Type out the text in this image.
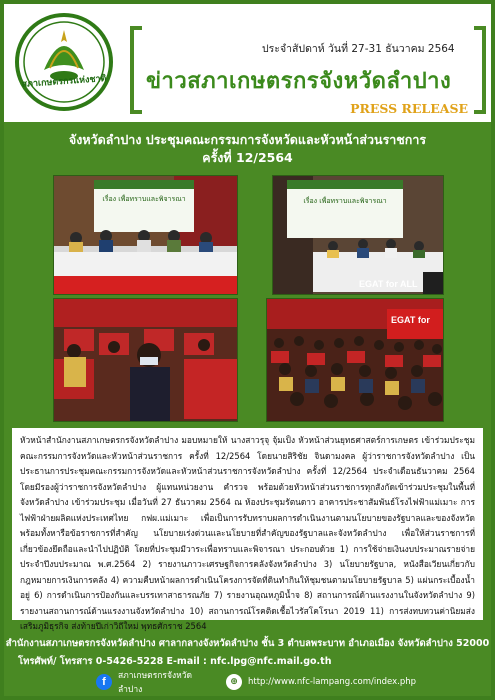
สภาเกษตรกรแห่งชาติ
ประจำสัปดาห์ วันที่ 27-31 ธันวาคม 2564
ข่าวสภาเกษตรกรจังหวัดลำปาง
PRESS RELEASE
จังหวัดลำปาง ประชุมคณะกรรมการจังหวัดและหัวหน้าส่วนราชการ
ครั้งที่ 12/2564
เรื่อง เพื่อทราบและพิจารณา	เรื่อง เพื่อทราบและพิจารณา
EGAT for ALL
EGAT for

หัวหน้าสำนักงานสภาเกษตรกรจังหวัดลำปาง มอบหมายให้ นางสาวรุจุ จุ้มเป็ง หัวหน้าส่วนยุทธศาสตร์การเกษตร เข้าร่วมประชุมคณะกรรมการจังหวัดและหัวหน้าส่วนราชการ ครั้งที่ 12/2564 โดยนายสิริชัย จินดามงคล ผู้ว่าราชการจังหวัดลำปาง เป็นประธานการประชุมคณะกรรมการจังหวัดและหัวหน้าส่วนราชการจังหวัดลำปาง ครั้งที่ 12/2564 ประจำเดือนธันวาคม 2564 โดยมีรองผู้ว่าราชการจังหวัดลำปาง ผู้แทนหน่วยงาน คำรวจ พร้อมด้วยหัวหน้าส่วนราชการทุกสังกัดเข้าร่วมประชุมในพื้นที่จังหวัดลำปาง เข้าร่วมประชุม เมื่อวันที่ 27 ธันวาคม 2564 ณ ห้องประชุมรัตนดาว อาคารประชาสัมพันธ์โรงไฟฟ้าแม่เมาะ การไฟฟ้าฝ่ายผลิตแห่งประเทศไทย กฟผ.แม่เมาะ เพื่อเป็นการรับทราบผลการดำเนินงานตามนโยบายของรัฐบาลและของจังหวัด พร้อมทั้งหารือข้อราชการที่สำคัญ นโยบายเร่งด่วนและนโยบายที่สำคัญของรัฐบาลและจังหวัดลำปาง เพื่อให้ส่วนราชการที่เกี่ยวข้องยึดถือและนำไปปฏิบัติ โดยที่ประชุมมีวาระเพื่อทราบและพิจารณา ประกอบด้วย 1) การใช้จ่ายเงินงบประมาณรายจ่ายประจำปีงบประมาณ พ.ศ.2564 2) รายงานภาวะเศรษฐกิจการคลังจังหวัดลำปาง 3) นโยบายรัฐบาล, หนังสือเวียนเกี่ยวกับกฎหมายการเงินการคลัง 4) ความคืบหน้าผลการดำเนินโครงการจัดที่ดินทำกินให้ชุมชนตามนโยบายรัฐบาล 5) แผ่นกระเบื้องน้ำอยู่ 6) การดำเนินการป้องกันและบรรเทาสาธารณภัย 7) รายงานอุณหภูมิน้ำจ 8) สถานการณ์ด้านแรงงานในจังหวัดลำปาง 9) รายงานสถานการณ์ด้านแรงงานจังหวัดลำปาง 10) สถานการณ์โรคติดเชื้อไวรัสโคโรนา 2019 11) การส่งทบทวนค่านิยมส่งเสริมภูมิธุรกิจ ส่งท้ายปีเก่าวิถีใหม่ พุทธศักราช 2564

สำนักงานสภาเกษตรกรจังหวัดลำปาง ศาลากลางจังหวัดลำปาง ชั้น 3 ตำบลพระบาท อำเภอเมือง จังหวัดลำปาง 52000
โทรศัพท์/ โทรสาร 0-5426-5228 E-mail : nfc.lpg@nfc.mail.go.th
f	สภาเกษตรกรจังหวัดลำปาง
⊕	http://www.nfc-lampang.com/index.php
